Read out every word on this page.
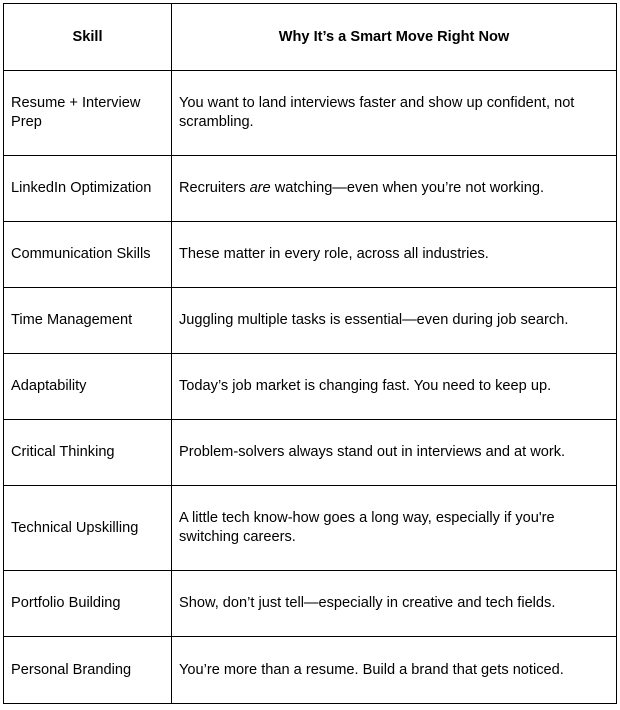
Skill	Why It’s a Smart Move Right Now
Resume + Interview Prep	You want to land interviews faster and show up confident, not scrambling.
LinkedIn Optimization	Recruiters are watching—even when you’re not working.
Communication Skills	These matter in every role, across all industries.
Time Management	Juggling multiple tasks is essential—even during job search.
Adaptability	Today’s job market is changing fast. You need to keep up.
Critical Thinking	Problem-solvers always stand out in interviews and at work.
Technical Upskilling	A little tech know-how goes a long way, especially if you're switching careers.
Portfolio Building	Show, don’t just tell—especially in creative and tech fields.
Personal Branding	You’re more than a resume. Build a brand that gets noticed.
